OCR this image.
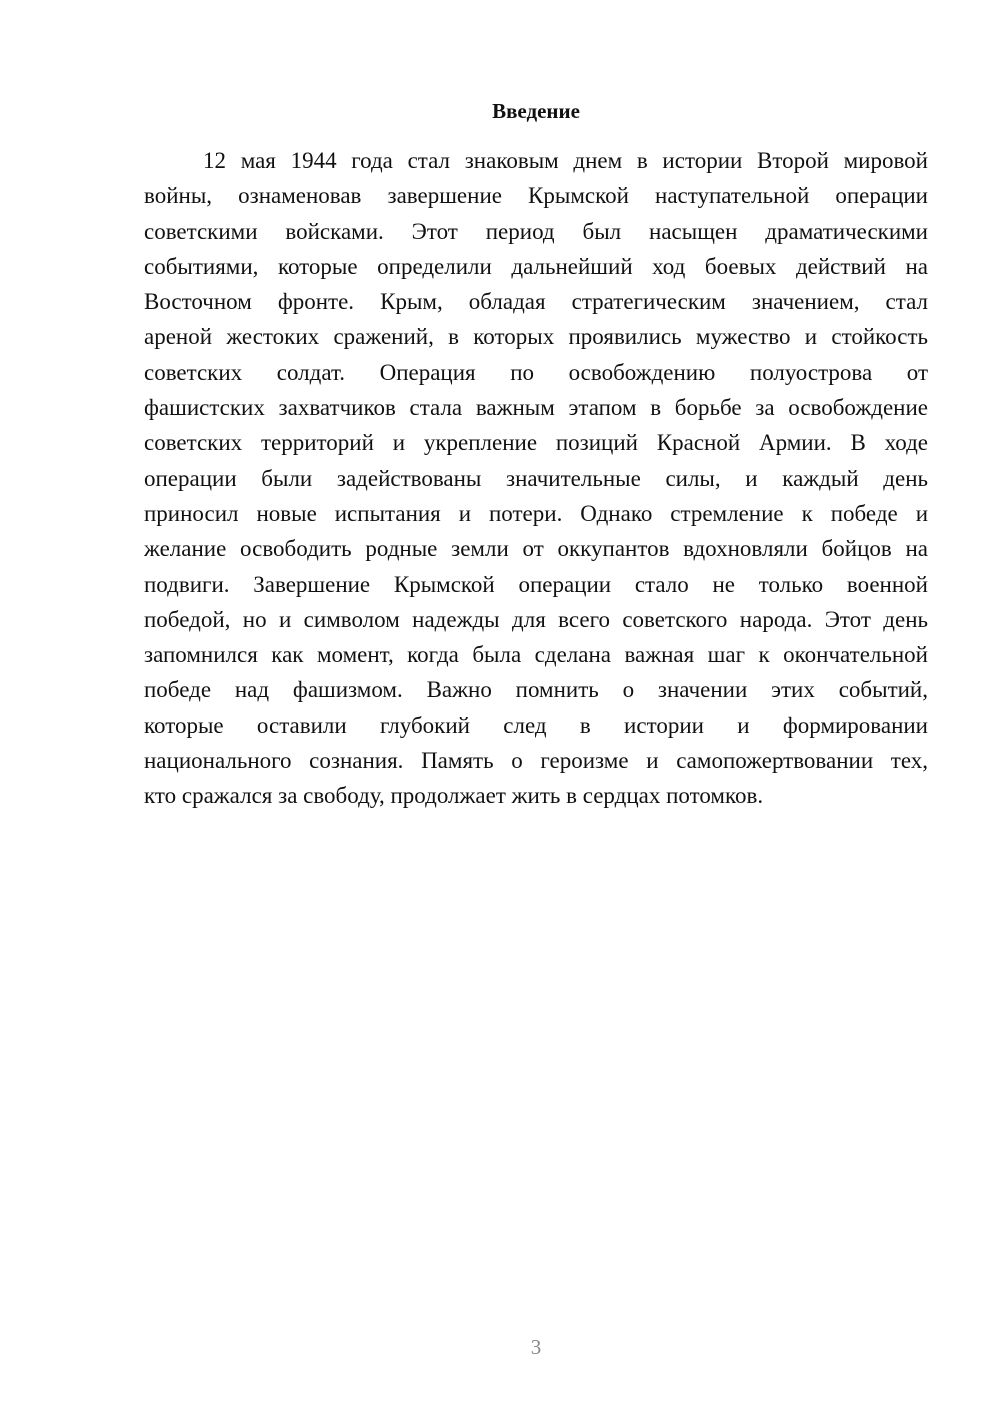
Введение
12 мая 1944 года стал знаковым днем в истории Второй мировой
войны, ознаменовав завершение Крымской наступательной операции
советскими войсками. Этот период был насыщен драматическими
событиями, которые определили дальнейший ход боевых действий на
Восточном фронте. Крым, обладая стратегическим значением, стал
ареной жестоких сражений, в которых проявились мужество и стойкость
советских солдат. Операция по освобождению полуострова от
фашистских захватчиков стала важным этапом в борьбе за освобождение
советских территорий и укрепление позиций Красной Армии. В ходе
операции были задействованы значительные силы, и каждый день
приносил новые испытания и потери. Однако стремление к победе и
желание освободить родные земли от оккупантов вдохновляли бойцов на
подвиги. Завершение Крымской операции стало не только военной
победой, но и символом надежды для всего советского народа. Этот день
запомнился как момент, когда была сделана важная шаг к окончательной
победе над фашизмом. Важно помнить о значении этих событий,
которые оставили глубокий след в истории и формировании
национального сознания. Память о героизме и самопожертвовании тех,
кто сражался за свободу, продолжает жить в сердцах потомков.
3
